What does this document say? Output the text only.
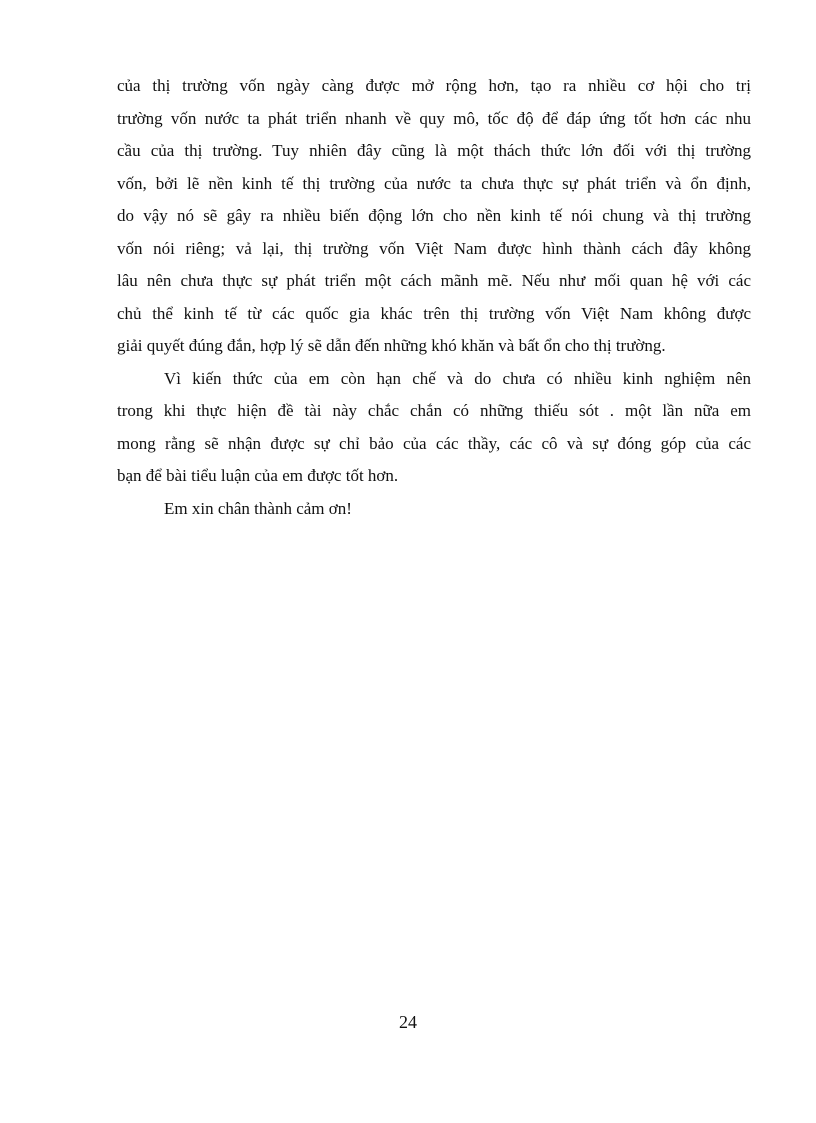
của thị trường vốn ngày càng được mở rộng hơn, tạo ra nhiều cơ hội cho trị
trường vốn nước ta phát triển nhanh về quy mô, tốc độ để đáp ứng tốt hơn các nhu
cầu của thị trường. Tuy nhiên đây cũng là một thách thức lớn đối với thị trường
vốn, bởi lẽ nền kinh tế thị trường của nước ta chưa thực sự phát triển và ổn định,
do vậy nó sẽ gây ra nhiều biến động lớn cho nền kinh tế nói chung và thị trường
vốn nói riêng; vả lại, thị trường vốn Việt Nam được hình thành cách đây không
lâu nên chưa thực sự phát triển một cách mãnh mẽ. Nếu như mối quan hệ với các
chủ thể kinh tế từ các quốc gia khác trên thị trường vốn Việt Nam không được
giải quyết đúng đắn, hợp lý sẽ dẫn đến những khó khăn và bất ổn cho thị trường.
Vì kiến thức của em còn hạn chế và do chưa có nhiều kinh nghiệm nên
trong khi thực hiện đề tài này chắc chắn có những thiếu sót . một lần nữa em
mong rằng sẽ nhận được sự chỉ bảo của các thầy, các cô và sự đóng góp của các
bạn để bài tiểu luận của em được tốt hơn.
Em xin chân thành cảm ơn!
24
